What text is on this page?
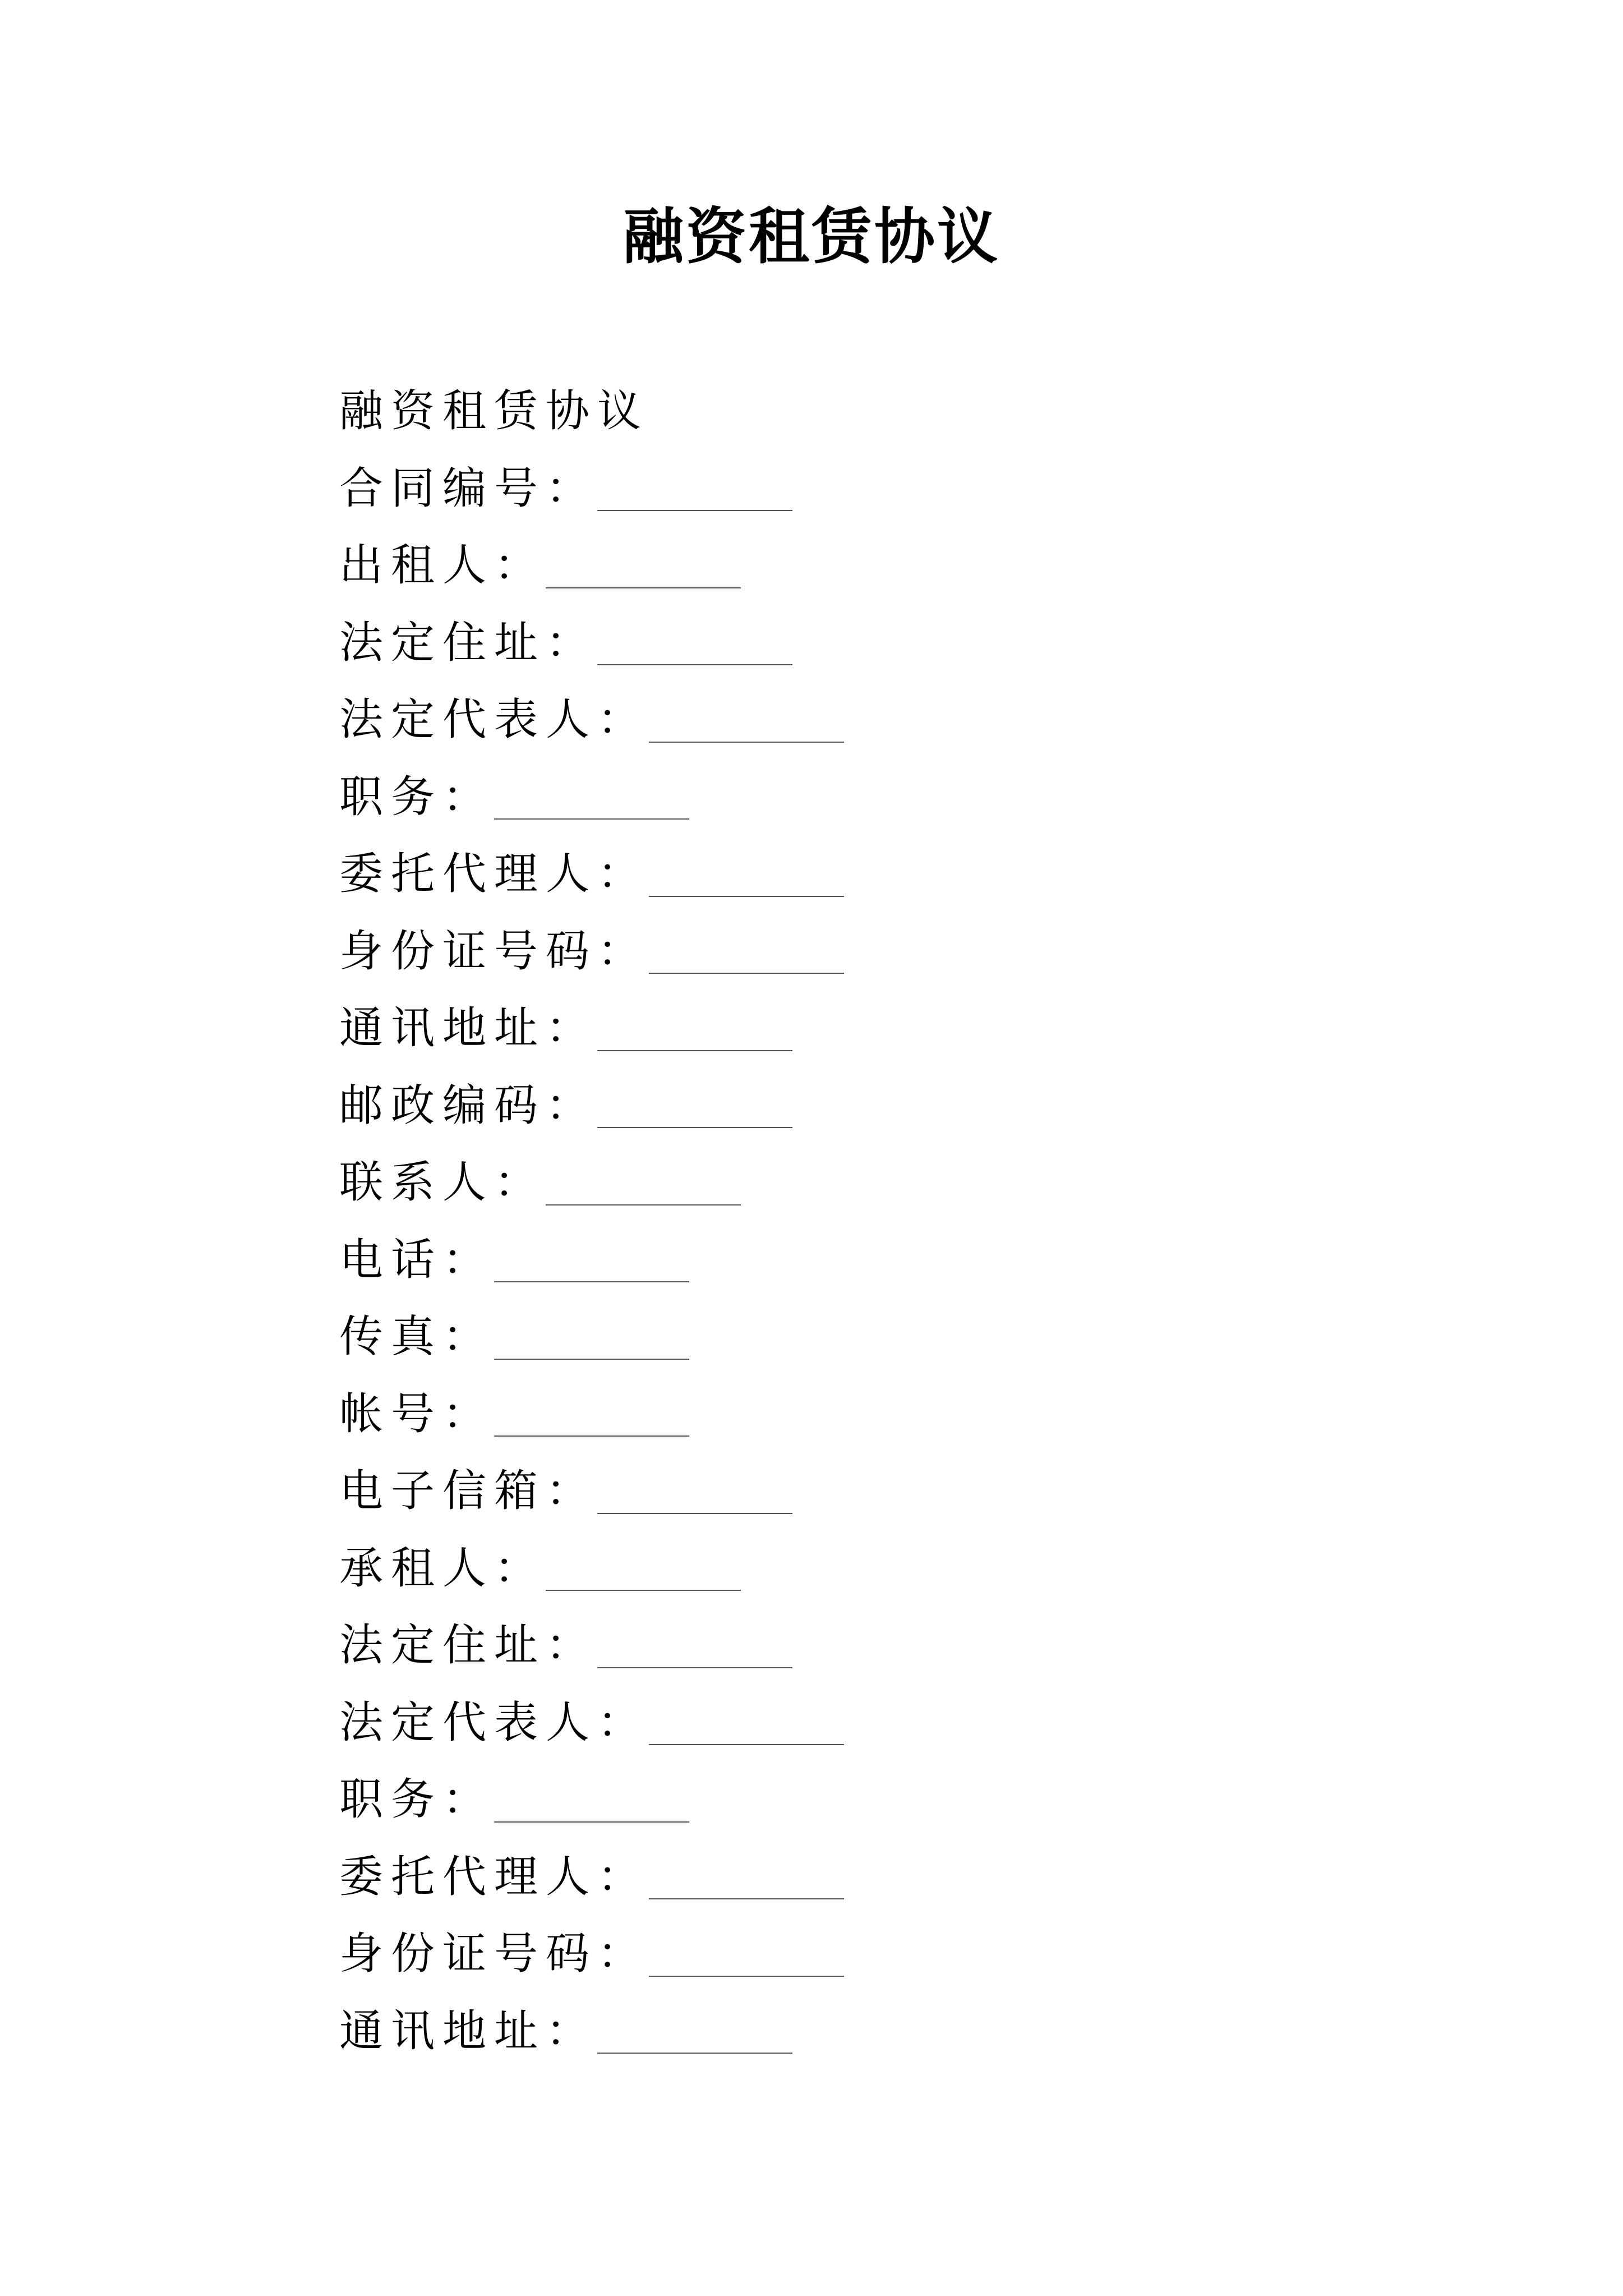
融资租赁协议
融资租赁协议
合同编号：
出租人：
法定住址：
法定代表人：
职务：
委托代理人：
身份证号码：
通讯地址：
邮政编码：
联系人：
电话：
传真：
帐号：
电子信箱：
承租人：
法定住址：
法定代表人：
职务：
委托代理人：
身份证号码：
通讯地址：
